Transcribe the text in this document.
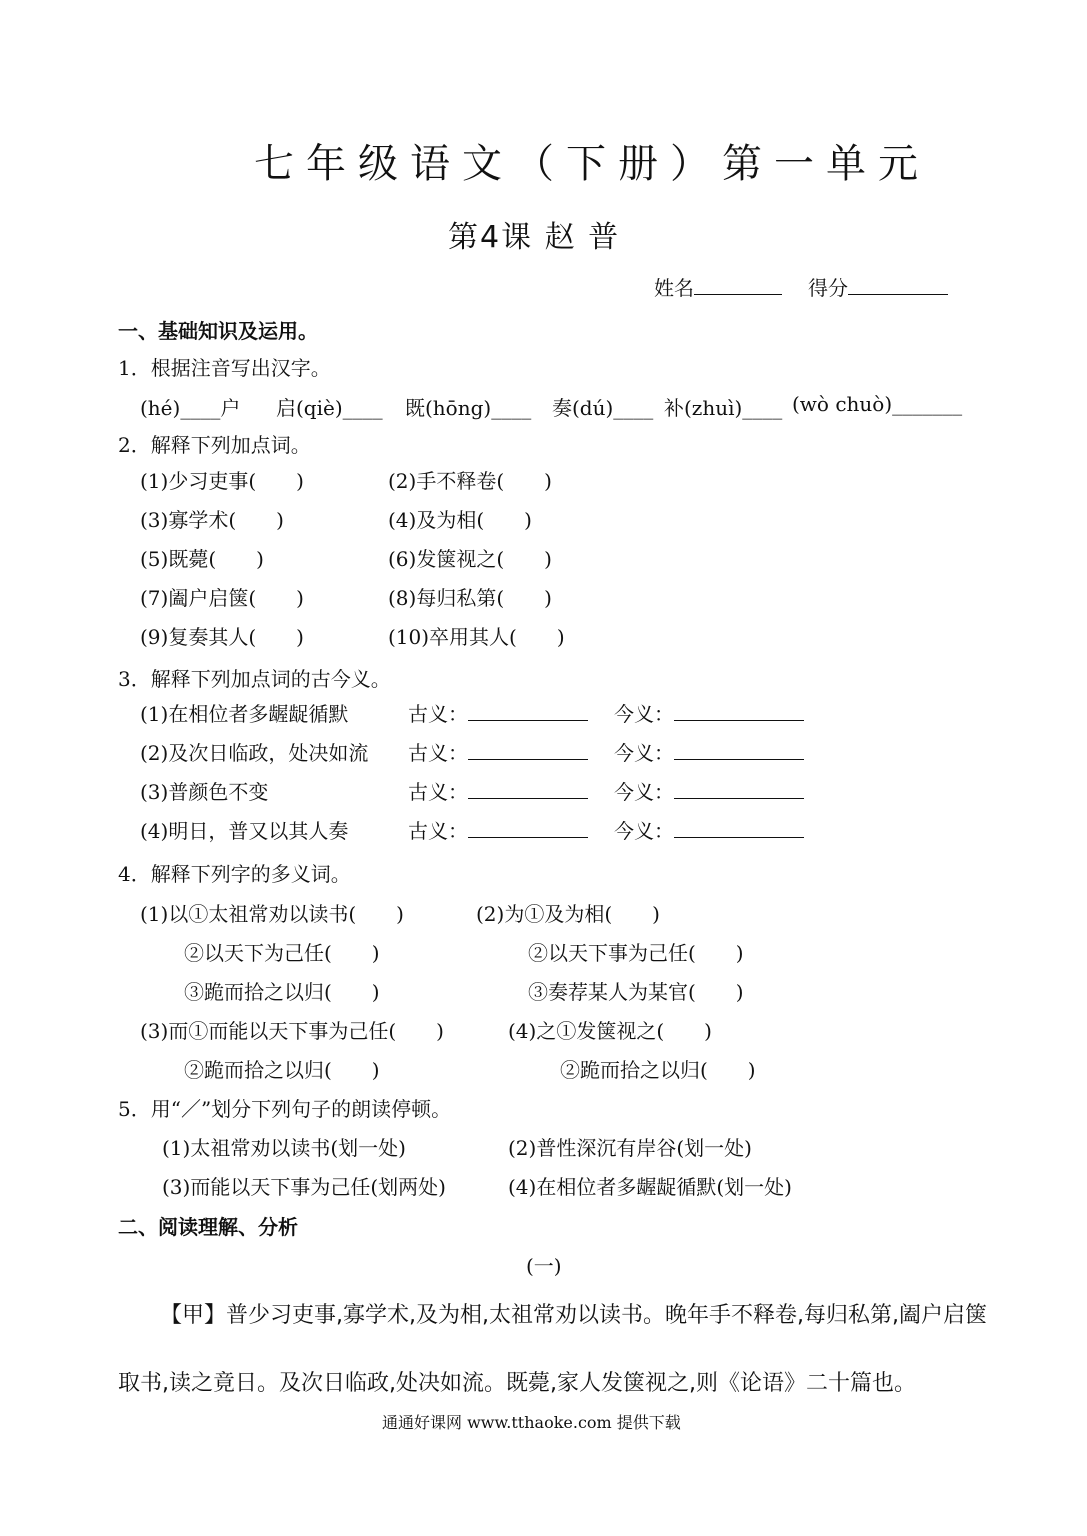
七年级语文（下册）第一单元
第4课 赵 普
姓名	得分
一、基础知识及运用。
1．根据注音写出汉字。
(hé)____户 启(qiè)____ 既(hōng)____ 奏(dú)____ 补(zhuì)____ (wò chuò)_______
2．解释下列加点词。
(1)少习吏事(　　)	(2)手不释卷(　　)
(3)寡学术(　　)	(4)及为相(　　)
(5)既薨(　　)	(6)发箧视之(　　)
(7)阖户启箧(　　)	(8)每归私第(　　)
(9)复奏其人(　　)	(10)卒用其人(　　)
3．解释下列加点词的古今义。
(1)在相位者多龌龊循默	古义：	今义：
(2)及次日临政，处决如流 古义：	今义：
(3)普颜色不变	古义：	今义：
(4)明日，普又以其人奏	古义：	今义：
4．解释下列字的多义词。
(1)以①太祖常劝以读书(　　)	(2)为①及为相(　　)
②以天下为己任(　　)	②以天下事为己任(　　)
③跪而拾之以归(　　)	③奏荐某人为某官(　　)
(3)而①而能以天下事为己任(　　)	(4)之①发箧视之(　　)
②跪而拾之以归(　　)	②跪而拾之以归(　　)
5．用“／”划分下列句子的朗读停顿。
(1)太祖常劝以读书(划一处)	(2)普性深沉有岸谷(划一处)
(3)而能以天下事为己任(划两处)	(4)在相位者多龌龊循默(划一处)
二、阅读理解、分析
(一)
【甲】普少习吏事,寡学术,及为相,太祖常劝以读书。晚年手不释卷,每归私第,阖户启箧
取书,读之竟日。及次日临政,处决如流。既薨,家人发箧视之,则《论语》二十篇也。
通通好课网 www.tthaoke.com 提供下载
